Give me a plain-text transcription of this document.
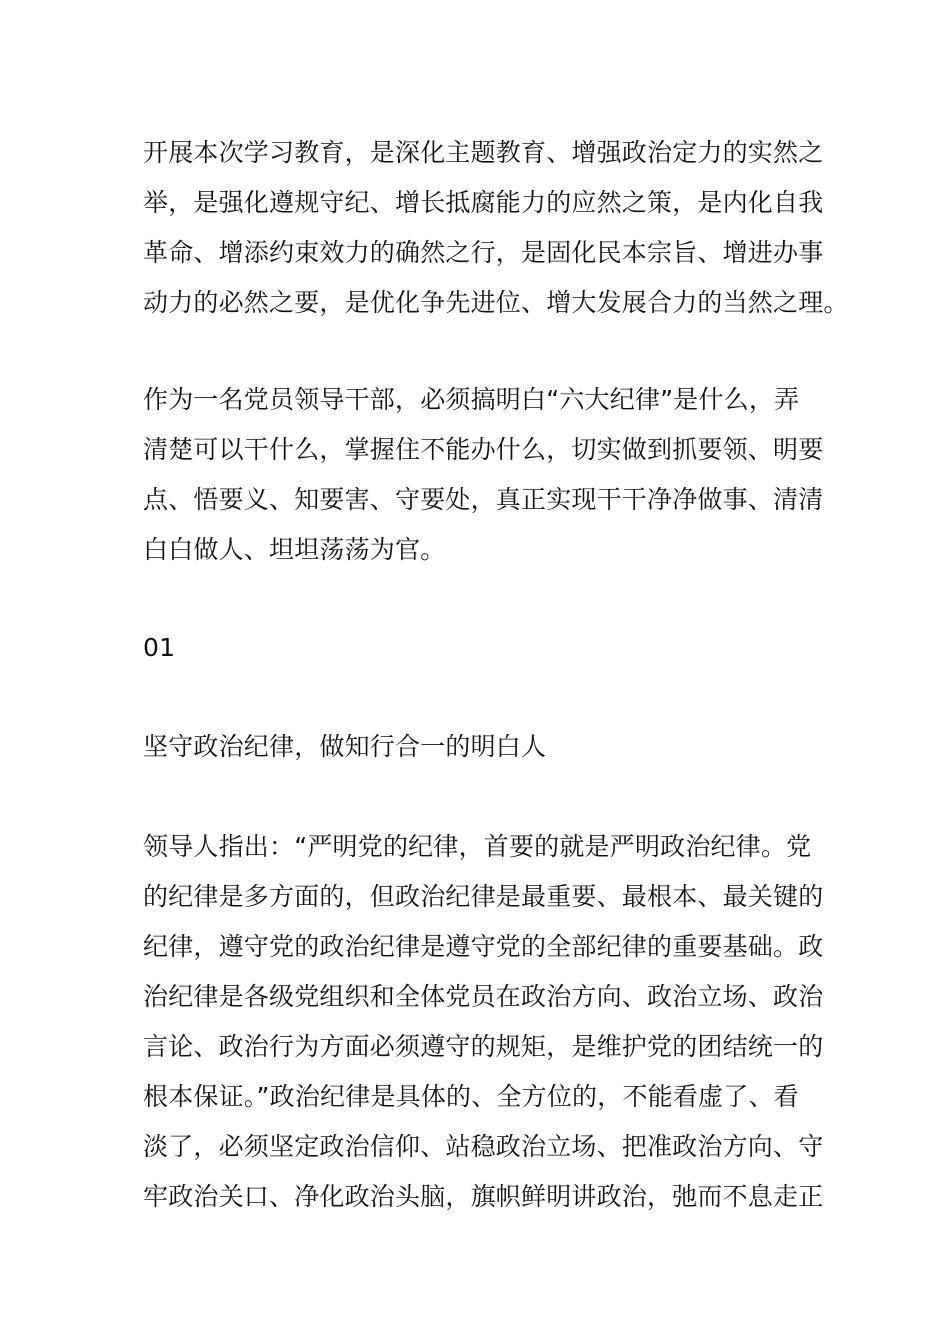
开展本次学习教育，是深化主题教育、增强政治定力的实然之
举，是强化遵规守纪、增长抵腐能力的应然之策，是内化自我
革命、增添约束效力的确然之行，是固化民本宗旨、增进办事
动力的必然之要，是优化争先进位、增大发展合力的当然之理。

作为一名党员领导干部，必须搞明白“六大纪律”是什么，弄
清楚可以干什么，掌握住不能办什么，切实做到抓要领、明要
点、悟要义、知要害、守要处，真正实现干干净净做事、清清
白白做人、坦坦荡荡为官。

01

坚守政治纪律，做知行合一的明白人

领导人指出：“严明党的纪律，首要的就是严明政治纪律。党
的纪律是多方面的，但政治纪律是最重要、最根本、最关键的
纪律，遵守党的政治纪律是遵守党的全部纪律的重要基础。政
治纪律是各级党组织和全体党员在政治方向、政治立场、政治
言论、政治行为方面必须遵守的规矩，是维护党的团结统一的
根本保证。”政治纪律是具体的、全方位的，不能看虚了、看
淡了，必须坚定政治信仰、站稳政治立场、把准政治方向、守
牢政治关口、净化政治头脑，旗帜鲜明讲政治，弛而不息走正
